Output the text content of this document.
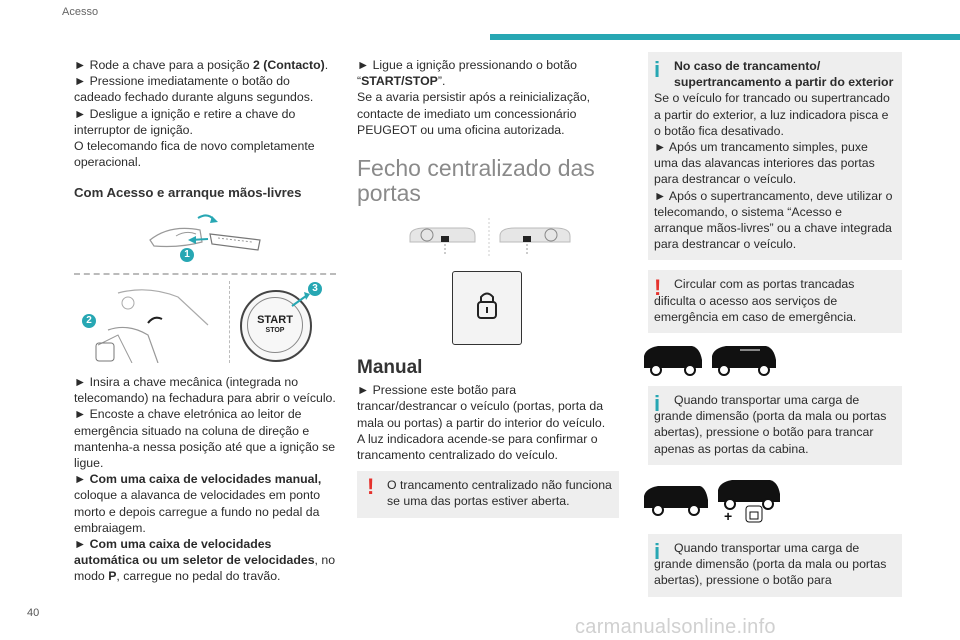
Acesso

► Rode a chave para a posição 2 (Contacto).

► Pressione imediatamente o botão do cadeado fechado durante alguns segundos.

► Desligue a ignição e retire a chave do interruptor de ignição.

O telecomando fica de novo completamente operacional.

Com Acesso e arranque mãos-livres

1
2	START
STOP
3

► Insira a chave mecânica (integrada no telecomando) na fechadura para abrir o veículo.

► Encoste a chave eletrónica ao leitor de emergência situado na coluna de direção e mantenha-a nessa posição até que a ignição se ligue.

► Com uma caixa de velocidades manual, coloque a alavanca de velocidades em ponto morto e depois carregue a fundo no pedal da embraiagem.

► Com uma caixa de velocidades automática ou um seletor de velocidades, no modo P, carregue no pedal do travão.

► Ligue a ignição pressionando o botão “START/STOP”.

Se a avaria persistir após a reinicialização, contacte de imediato um concessionário PEUGEOT ou uma oficina autorizada.

Fecho centralizado das portas

Manual

► Pressione este botão para trancar/destrancar o veículo (portas, porta da mala ou portas) a partir do interior do veículo.

A luz indicadora acende-se para confirmar o trancamento centralizado do veículo.

! O trancamento centralizado não funciona se uma das portas estiver aberta.

i No caso de trancamento/ supertrancamento a partir do exterior

Se o veículo for trancado ou supertrancado a partir do exterior, a luz indicadora pisca e o botão fica desativado.

► Após um trancamento simples, puxe uma das alavancas interiores das portas para destrancar o veículo.

► Após o supertrancamento, deve utilizar o telecomando, o sistema “Acesso e arranque mãos-livres” ou a chave integrada para destrancar o veículo.

!	Circular com as portas trancadas dificulta o acesso aos serviços de emergência em caso de emergência.

i	Quando transportar uma carga de grande dimensão (porta da mala ou portas abertas), pressione o botão para trancar apenas as portas da cabina.

+
i	Quando transportar uma carga de grande dimensão (porta da mala ou portas abertas), pressione o botão para

40
carmanualsonline.info
